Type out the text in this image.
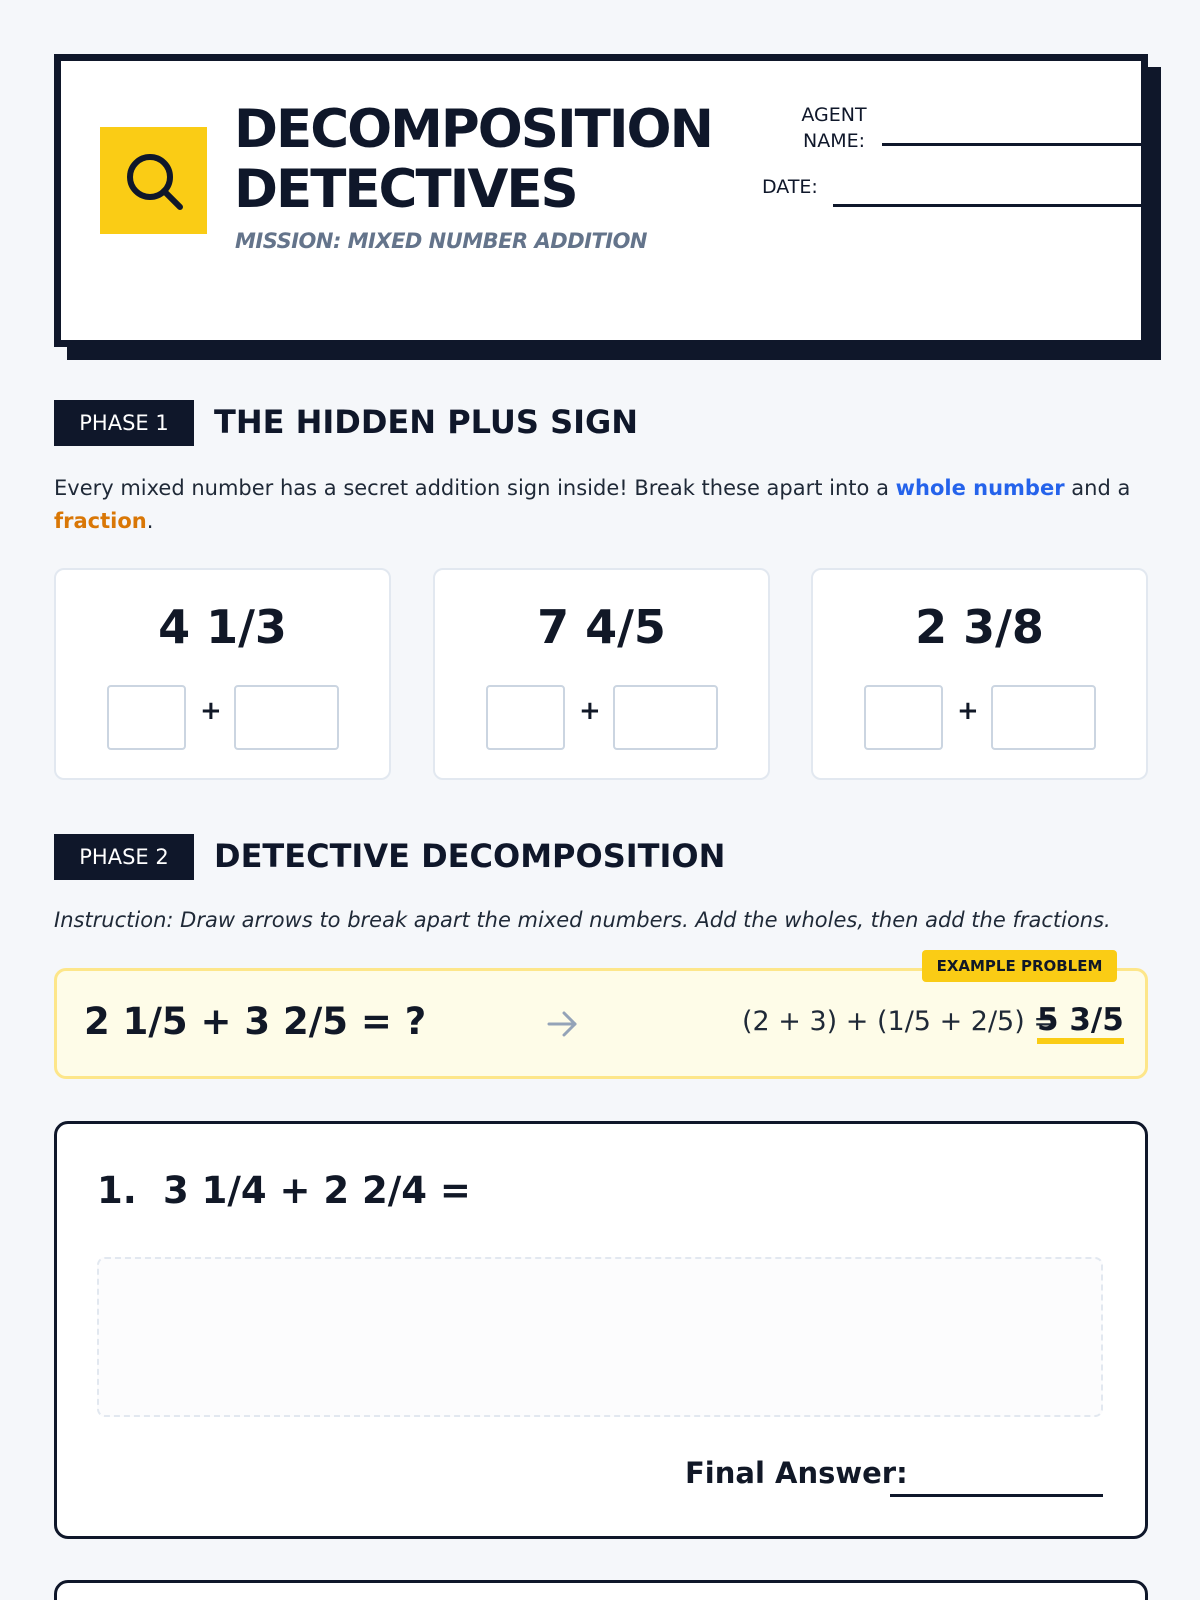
DECOMPOSITION
DETECTIVES
MISSION: MIXED NUMBER ADDITION
AGENT NAME:
DATE:
PHASE 1	THE HIDDEN PLUS SIGN
Every mixed number has a secret addition sign inside! Break these apart into a whole number and a
fraction.
4 1/3
+
7 4/5
+
2 3/8
+
PHASE 2	DETECTIVE DECOMPOSITION
Instruction: Draw arrows to break apart the mixed numbers. Add the wholes, then add the fractions.
EXAMPLE PROBLEM
2 1/5 + 3 2/5 = ?	(2 + 3) + (1/5 + 2/5) =
5 3/5
1. 3 1/4 + 2 2/4 =
Final Answer:
